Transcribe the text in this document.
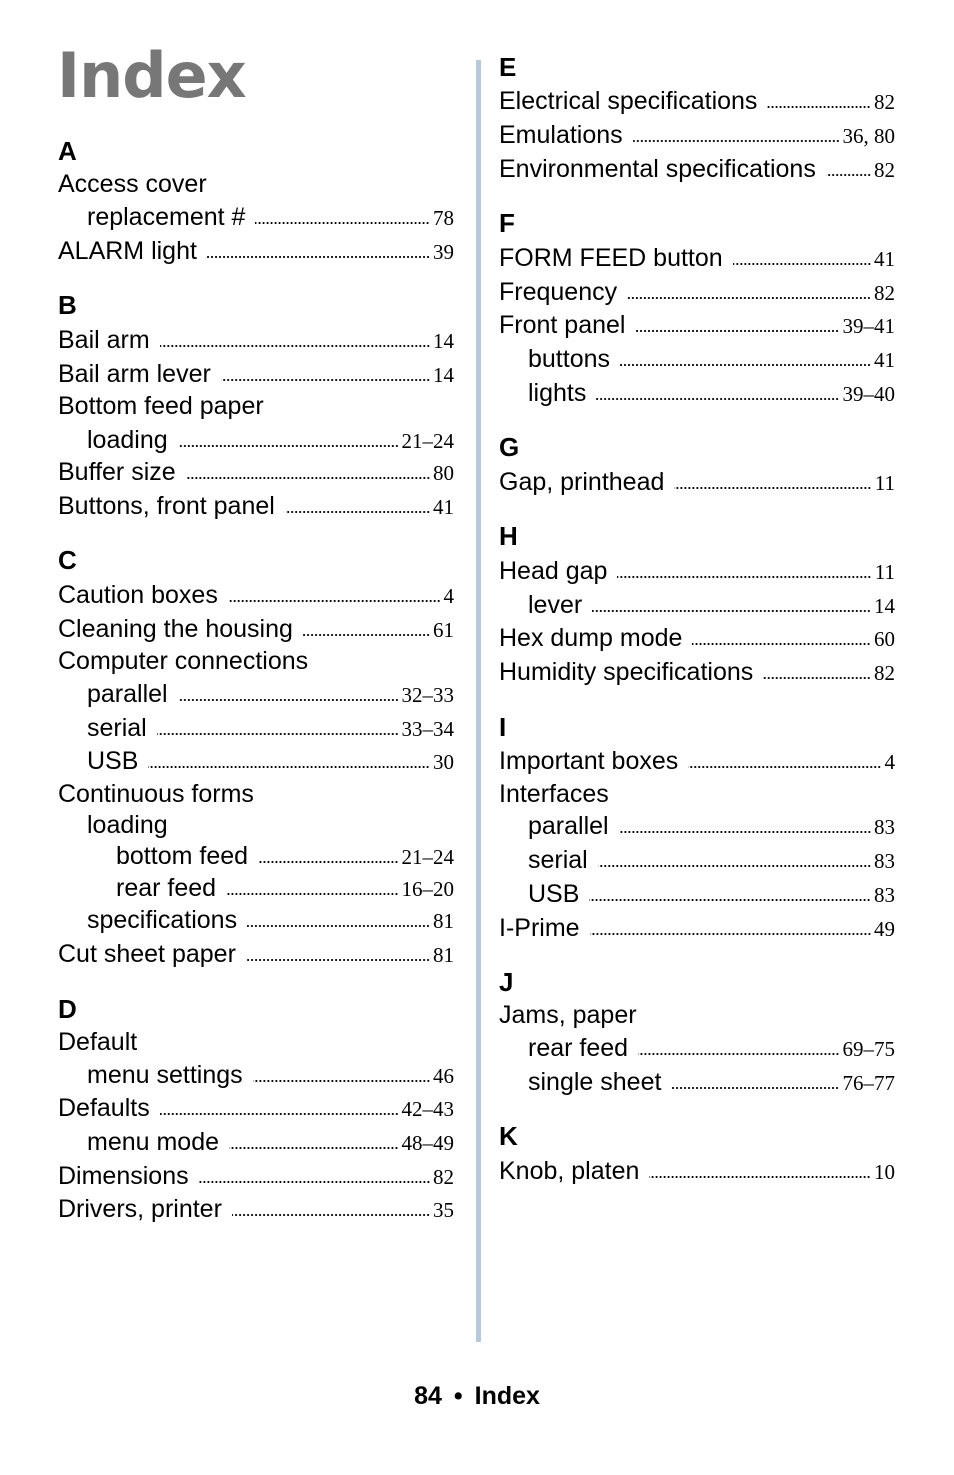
Index
A
Access cover
replacement #	78
ALARM light	39
B
Bail arm	14
Bail arm lever	14
Bottom feed paper
loading	21–24
Buffer size	80
Buttons, front panel	41
C
Caution boxes	4
Cleaning the housing	61
Computer connections
parallel	32–33
serial	33–34
USB	30
Continuous forms
loading
bottom feed	21–24
rear feed	16–20
specifications	81
Cut sheet paper	81
D
Default
menu settings	46
Defaults	42–43
menu mode	48–49
Dimensions	82
Drivers, printer	35
E
Electrical specifications	82
Emulations	36, 80
Environmental specifications	82
F
FORM FEED button	41
Frequency	82
Front panel	39–41
buttons	41
lights	39–40
G
Gap, printhead	11
H
Head gap	11
lever	14
Hex dump mode	60
Humidity specifications	82
I
Important boxes	4
Interfaces
parallel	83
serial	83
USB	83
I-Prime	49
J
Jams, paper
rear feed	69–75
single sheet	76–77
K
Knob, platen	10
84 • Index
